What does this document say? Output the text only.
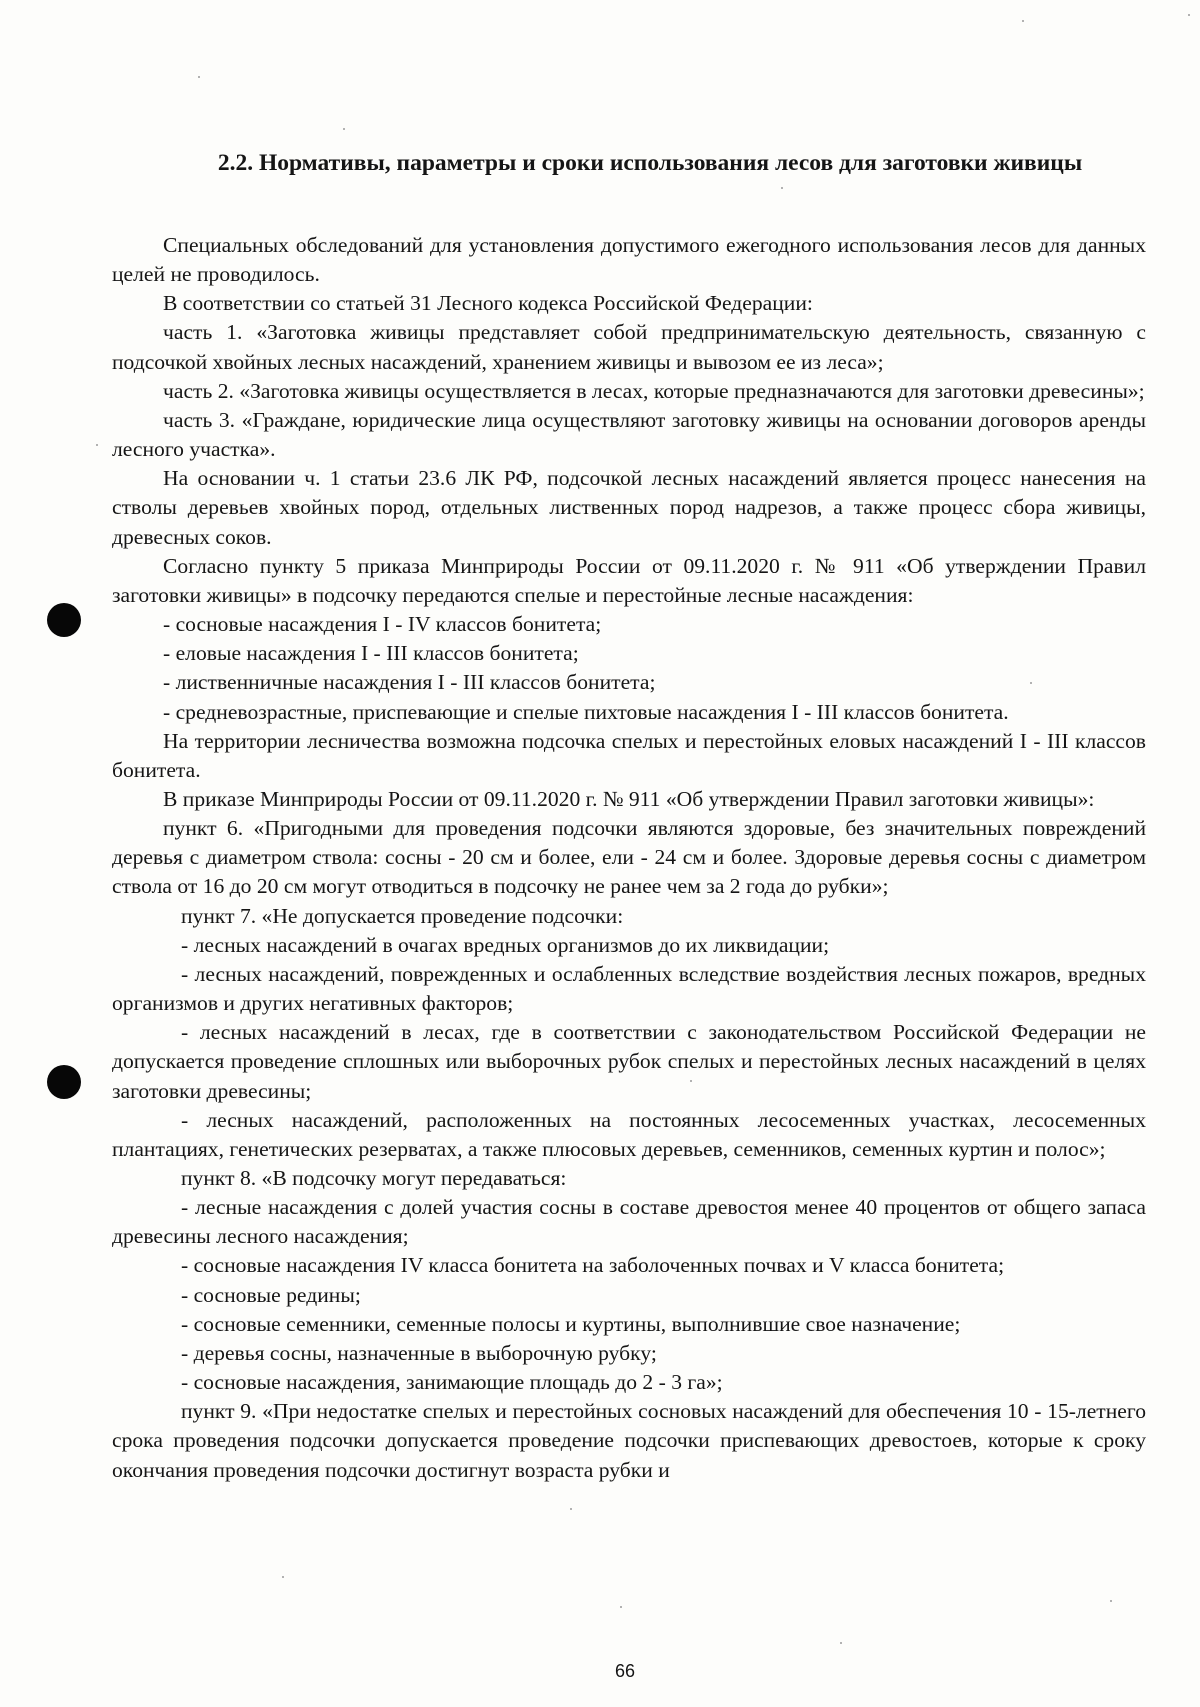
2.2. Нормативы, параметры и сроки использования лесов для заготовки живицы

Специальных обследований для установления допустимого ежегодного использования лесов для данных целей не проводилось.

В соответствии со статьей 31 Лесного кодекса Российской Федерации:

часть 1. «Заготовка живицы представляет собой предпринимательскую деятельность, связанную с подсочкой хвойных лесных насаждений, хранением живицы и вывозом ее из леса»;

часть 2. «Заготовка живицы осуществляется в лесах, которые предназначаются для заготовки древесины»;

часть 3. «Граждане, юридические лица осуществляют заготовку живицы на основании договоров аренды лесного участка».

На основании ч. 1 статьи 23.6 ЛК РФ, подсочкой лесных насаждений является процесс нанесения на стволы деревьев хвойных пород, отдельных лиственных пород надрезов, а также процесс сбора живицы, древесных соков.

Согласно пункту 5 приказа Минприроды России от 09.11.2020 г. № 911 «Об утверждении Правил заготовки живицы» в подсочку передаются спелые и перестойные лесные насаждения:

- сосновые насаждения I - IV классов бонитета;

- еловые насаждения I - III классов бонитета;

- лиственничные насаждения I - III классов бонитета;

- средневозрастные, приспевающие и спелые пихтовые насаждения I - III классов бонитета.

На территории лесничества возможна подсочка спелых и перестойных еловых насаждений I - III классов бонитета.

В приказе Минприроды России от 09.11.2020 г. № 911 «Об утверждении Правил заготовки живицы»:

пункт 6. «Пригодными для проведения подсочки являются здоровые, без значительных повреждений деревья с диаметром ствола: сосны - 20 см и более, ели - 24 см и более. Здоровые деревья сосны с диаметром ствола от 16 до 20 см могут отводиться в подсочку не ранее чем за 2 года до рубки»;

пункт 7. «Не допускается проведение подсочки:

- лесных насаждений в очагах вредных организмов до их ликвидации;

- лесных насаждений, поврежденных и ослабленных вследствие воздействия лесных пожаров, вредных организмов и других негативных факторов;

- лесных насаждений в лесах, где в соответствии с законодательством Российской Федерации не допускается проведение сплошных или выборочных рубок спелых и перестойных лесных насаждений в целях заготовки древесины;

- лесных насаждений, расположенных на постоянных лесосеменных участках, лесосеменных плантациях, генетических резерватах, а также плюсовых деревьев, семенников, семенных куртин и полос»;

пункт 8. «В подсочку могут передаваться:

- лесные насаждения с долей участия сосны в составе древостоя менее 40 процентов от общего запаса древесины лесного насаждения;

- сосновые насаждения IV класса бонитета на заболоченных почвах и V класса бонитета;

- сосновые редины;

- сосновые семенники, семенные полосы и куртины, выполнившие свое назначение;

- деревья сосны, назначенные в выборочную рубку;

- сосновые насаждения, занимающие площадь до 2 - 3 га»;

пункт 9. «При недостатке спелых и перестойных сосновых насаждений для обеспечения 10 - 15-летнего срока проведения подсочки допускается проведение подсочки приспевающих древостоев, которые к сроку окончания проведения подсочки достигнут возраста рубки и

66
